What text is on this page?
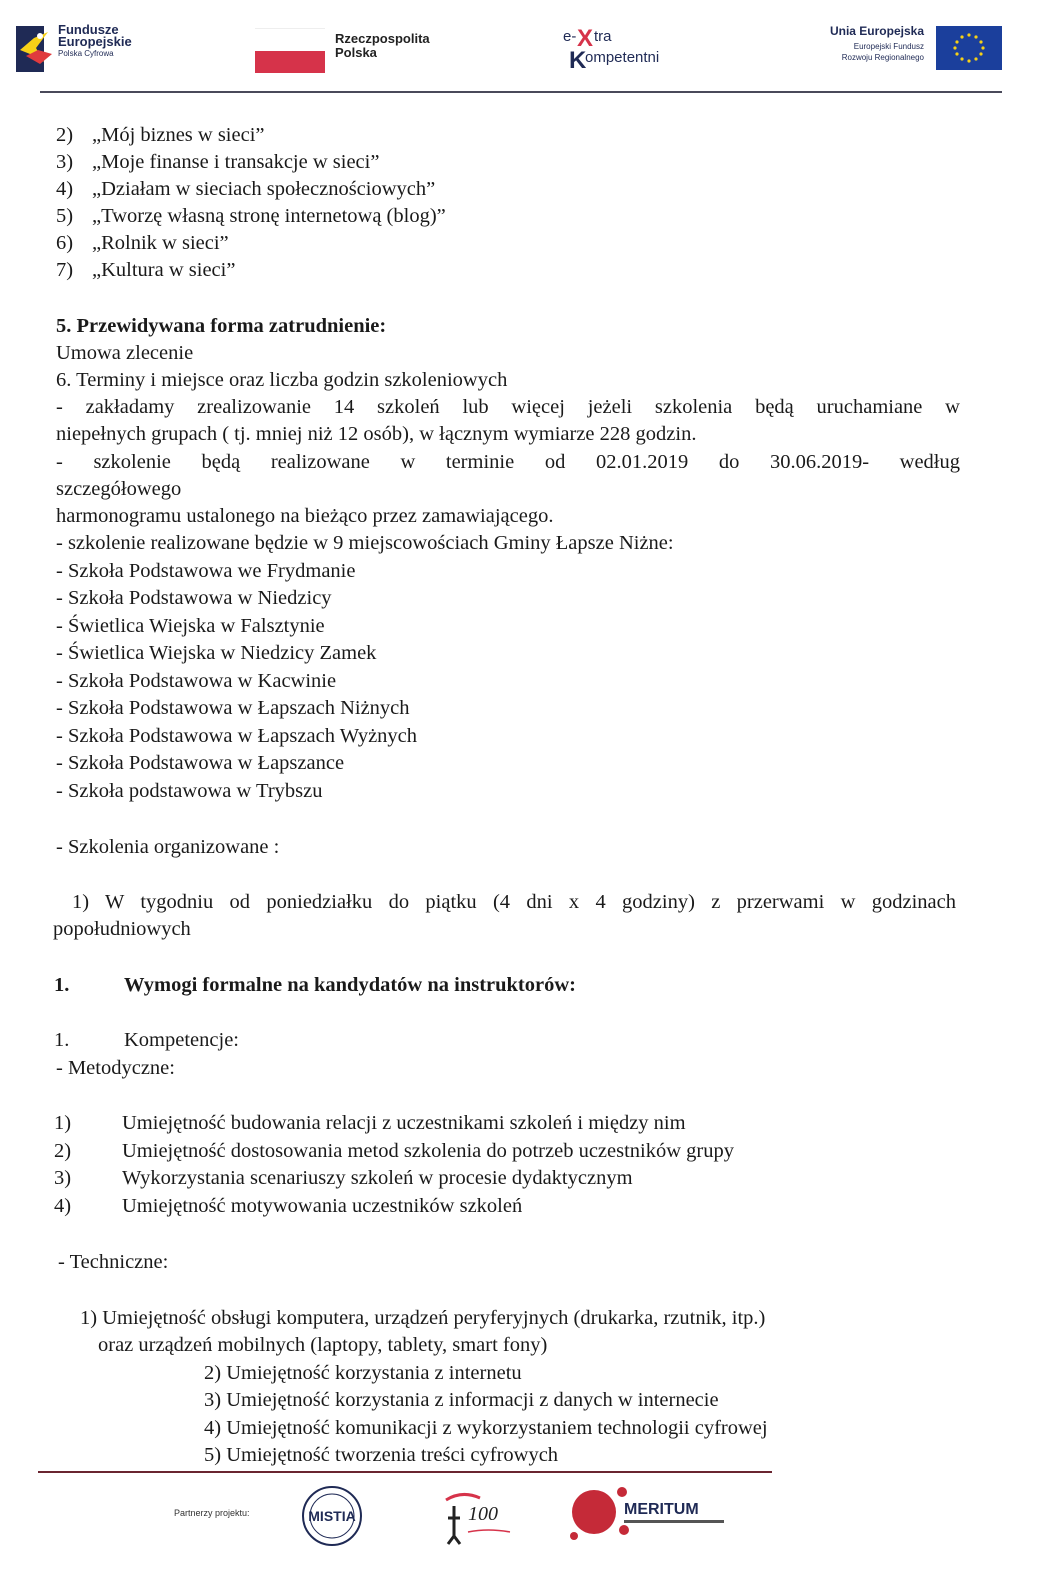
Fundusze
Europejskie
Polska Cyfrowa
Rzeczpospolita
Polska
e- X tra
K
ompetentni
Unia Europejska
Europejski Fundusz
Rozwoju Regionalnego
2) „Mój biznes w sieci”
3) „Moje finanse i transakcje w sieci”
4) „Działam w sieciach społecznościowych”
5) „Tworzę własną stronę internetową (blog)”
6) „Rolnik w sieci”
7) „Kultura w sieci”
5. Przewidywana forma zatrudnienie:
Umowa zlecenie
6. Terminy i miejsce oraz liczba godzin szkoleniowych
- zakładamy zrealizowanie 14 szkoleń lub więcej jeżeli szkolenia będą uruchamiane w
niepełnych grupach ( tj. mniej niż 12 osób), w łącznym wymiarze 228 godzin.
- szkolenie będą realizowane w terminie od 02.01.2019 do 30.06.2019- według
szczegółowego
harmonogramu ustalonego na bieżąco przez zamawiającego.
- szkolenie realizowane będzie w 9 miejscowościach Gminy Łapsze Niżne:
- Szkoła Podstawowa we Frydmanie
- Szkoła Podstawowa w Niedzicy
- Świetlica Wiejska w Falsztynie
- Świetlica Wiejska w Niedzicy Zamek
- Szkoła Podstawowa w Kacwinie
- Szkoła Podstawowa w Łapszach Niżnych
- Szkoła Podstawowa w Łapszach Wyżnych
- Szkoła Podstawowa w Łapszance
- Szkoła podstawowa w Trybszu
- Szkolenia organizowane :
1) W tygodniu od poniedziałku do piątku (4 dni x 4 godziny) z przerwami w godzinach
popołudniowych
1.	Wymogi formalne na kandydatów na instruktorów:
1.	Kompetencje:
- Metodyczne:
1) Umiejętność budowania relacji z uczestnikami szkoleń i między nim
2) Umiejętność dostosowania metod szkolenia do potrzeb uczestników grupy
3) Wykorzystania scenariuszy szkoleń w procesie dydaktycznym
4) Umiejętność motywowania uczestników szkoleń
- Techniczne:
1) Umiejętność obsługi komputera, urządzeń peryferyjnych (drukarka, rzutnik, itp.)
oraz urządzeń mobilnych (laptopy, tablety, smart fony)
2) Umiejętność korzystania z internetu
3) Umiejętność korzystania z informacji z danych w internecie
4) Umiejętność komunikacji z wykorzystaniem technologii cyfrowej
5) Umiejętność tworzenia treści cyfrowych
Partnerzy projektu:	MISTIA	100	MERITUM
